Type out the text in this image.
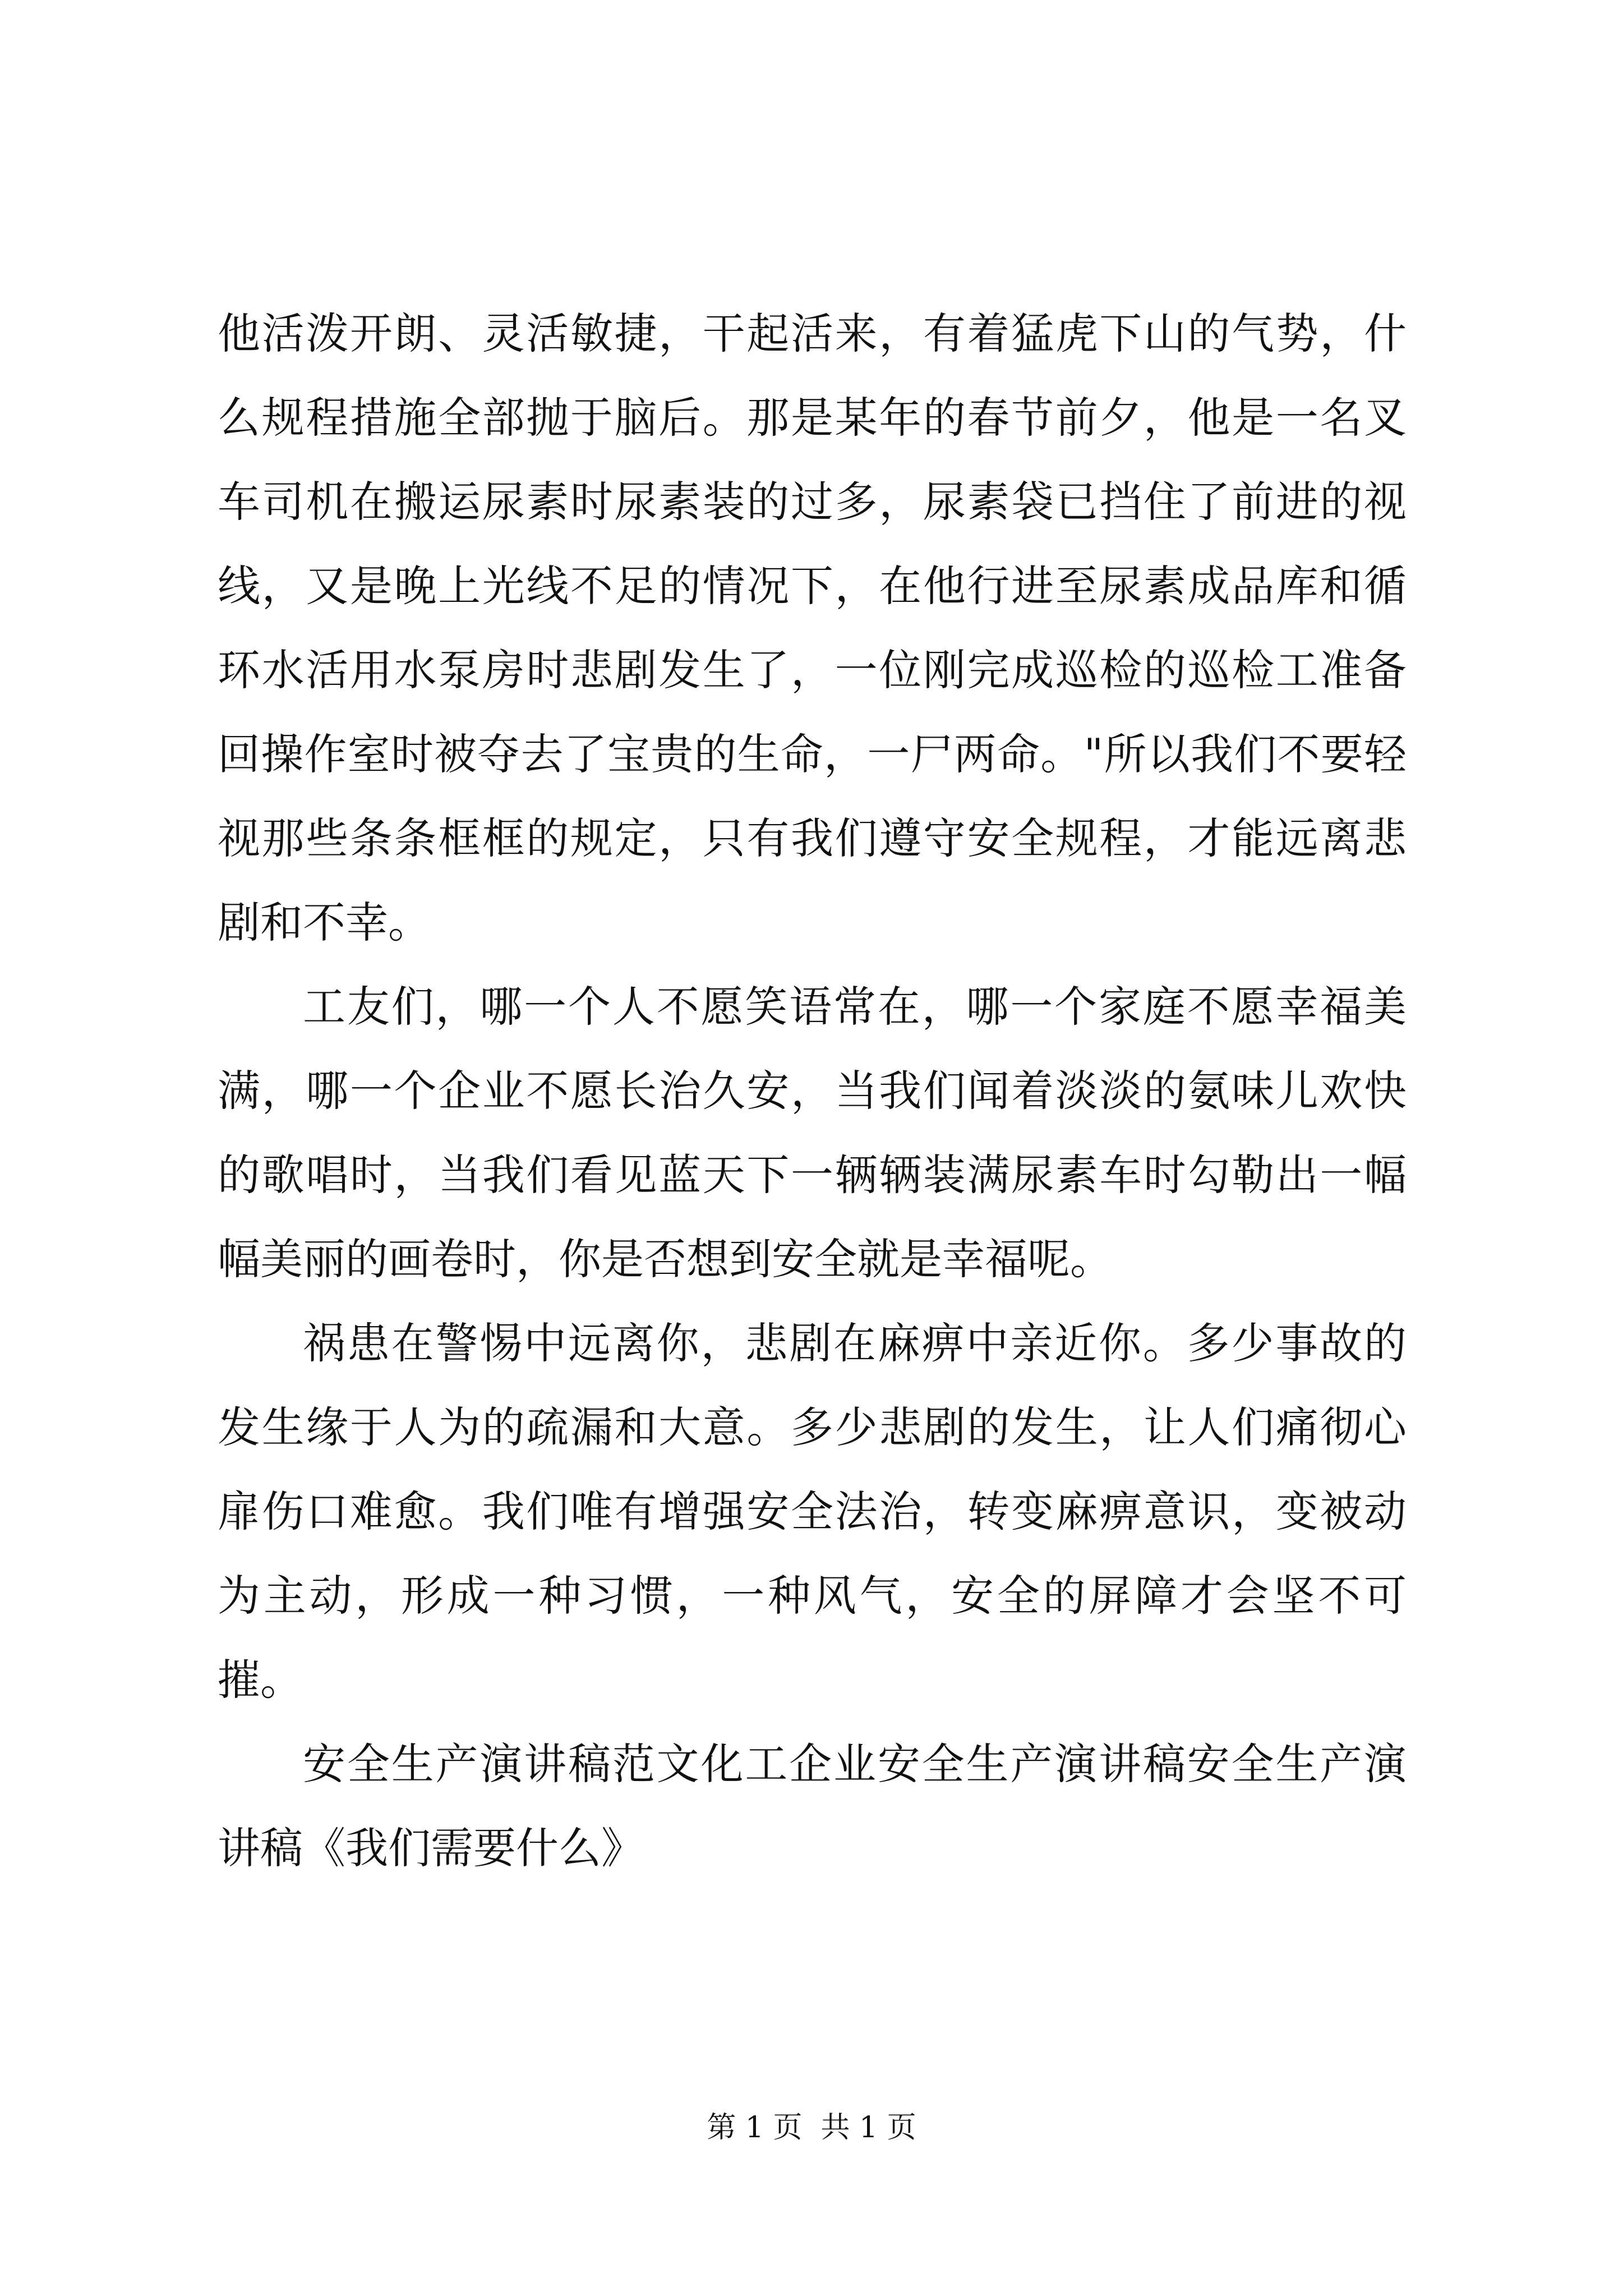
他活泼开朗、灵活敏捷，干起活来，有着猛虎下山的气势，什么规程措施全部抛于脑后。那是某年的春节前夕，他是一名叉车司机在搬运尿素时尿素装的过多，尿素袋已挡住了前进的视线，又是晚上光线不足的情况下，在他行进至尿素成品库和循环水活用水泵房时悲剧发生了，一位刚完成巡检的巡检工准备回操作室时被夺去了宝贵的生命，一尸两命。"所以我们不要轻视那些条条框框的规定，只有我们遵守安全规程，才能远离悲剧和不幸。

工友们，哪一个人不愿笑语常在，哪一个家庭不愿幸福美满，哪一个企业不愿长治久安，当我们闻着淡淡的氨味儿欢快的歌唱时，当我们看见蓝天下一辆辆装满尿素车时勾勒出一幅幅美丽的画卷时，你是否想到安全就是幸福呢。

祸患在警惕中远离你，悲剧在麻痹中亲近你。多少事故的发生缘于人为的疏漏和大意。多少悲剧的发生，让人们痛彻心扉伤口难愈。我们唯有增强安全法治，转变麻痹意识，变被动为主动，形成一种习惯，一种风气，安全的屏障才会坚不可摧。

安全生产演讲稿范文化工企业安全生产演讲稿安全生产演讲稿《我们需要什么》

第 1 页  共 1 页
